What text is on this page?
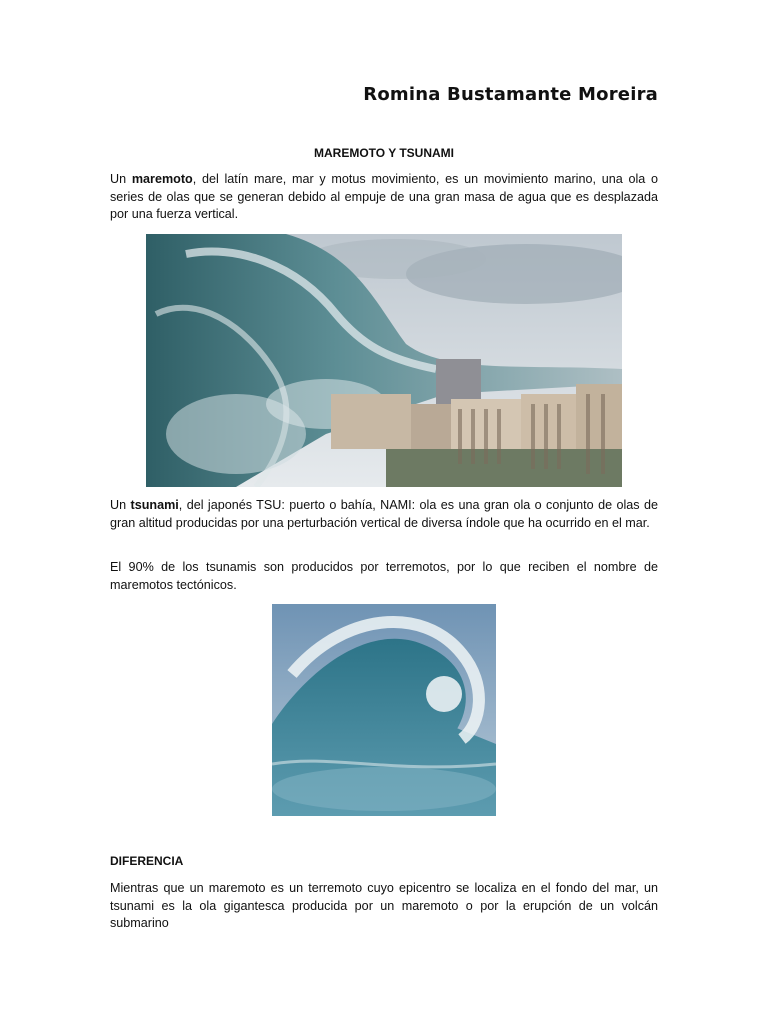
Romina Bustamante Moreira
MAREMOTO Y TSUNAMI
Un maremoto, del latín mare, mar y motus movimiento, es un movimiento marino, una ola o series de olas que se generan debido al empuje de una gran masa de agua que es desplazada por una fuerza vertical.
Un tsunami, del japonés TSU: puerto o bahía, NAMI: ola es una gran ola o conjunto de olas de gran altitud producidas por una perturbación vertical de diversa índole que ha ocurrido en el mar.
El 90% de los tsunamis son producidos por terremotos, por lo que reciben el nombre de maremotos tectónicos.
DIFERENCIA
Mientras que un maremoto es un terremoto cuyo epicentro se localiza en el fondo del mar, un tsunami es la ola gigantesca producida por un maremoto o por la erupción de un volcán submarino
